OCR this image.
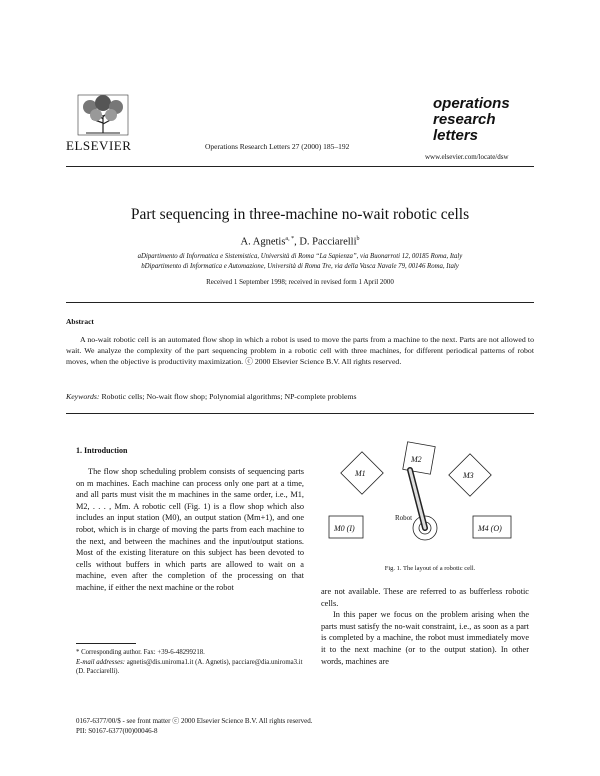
ELSEVIER	Operations Research Letters 27 (2000) 185–192
operations
research
letters
www.elsevier.com/locate/dsw
Part sequencing in three-machine no-wait robotic cells
A. Agnetis$^{a, *}$, D. Pacciarelli$^b$
aDipartimento di Informatica e Sistemistica, Università di Roma “La Sapienza”, via Buonarroti 12, 00185 Roma, Italy
bDipartimento di Informatica e Automazione, Università di Roma Tre, via della Vasca Navale 79, 00146 Roma, Italy
Received 1 September 1998; received in revised form 1 April 2000
Abstract
A no-wait robotic cell is an automated flow shop in which a robot is used to move the parts from a machine to the next. Parts are not allowed to wait. We analyze the complexity of the part sequencing problem in a robotic cell with three machines, for different periodical patterns of robot moves, when the objective is productivity maximization. ⓒ 2000 Elsevier Science B.V. All rights reserved.
Keywords: Robotic cells; No-wait flow shop; Polynomial algorithms; NP-complete problems
1. Introduction

The flow shop scheduling problem consists of sequencing parts on m machines. Each machine can process only one part at a time, and all parts must visit the m machines in the same order, i.e., M1, M2, . . . , Mm. A robotic cell (Fig. 1) is a flow shop which also includes an input station (M0), an output station (Mm+1), and one robot, which is in charge of moving the parts from each machine to the next, and between the machines and the input/output stations. Most of the existing literature on this subject has been devoted to cells without buffers in which parts are allowed to wait on a machine, even after the completion of the processing on that machine, if either the next machine or the robot

M1
M2
M3
M0 (I)	M4 (O)
Robot
Fig. 1. The layout of a robotic cell.

are not available. These are referred to as bufferless robotic cells.

In this paper we focus on the problem arising when the parts must satisfy the no-wait constraint, i.e., as soon as a part is completed by a machine, the robot must immediately move it to the next machine (or to the output station). In other words, machines are

* Corresponding author. Fax: +39-6-48299218.
E-mail addresses: agnetis@dis.uniroma1.it (A. Agnetis), pacciare@dia.uniroma3.it (D. Pacciarelli).
0167-6377/00/$ - see front matter ⓒ 2000 Elsevier Science B.V. All rights reserved.
PII: S0167-6377(00)00046-8
